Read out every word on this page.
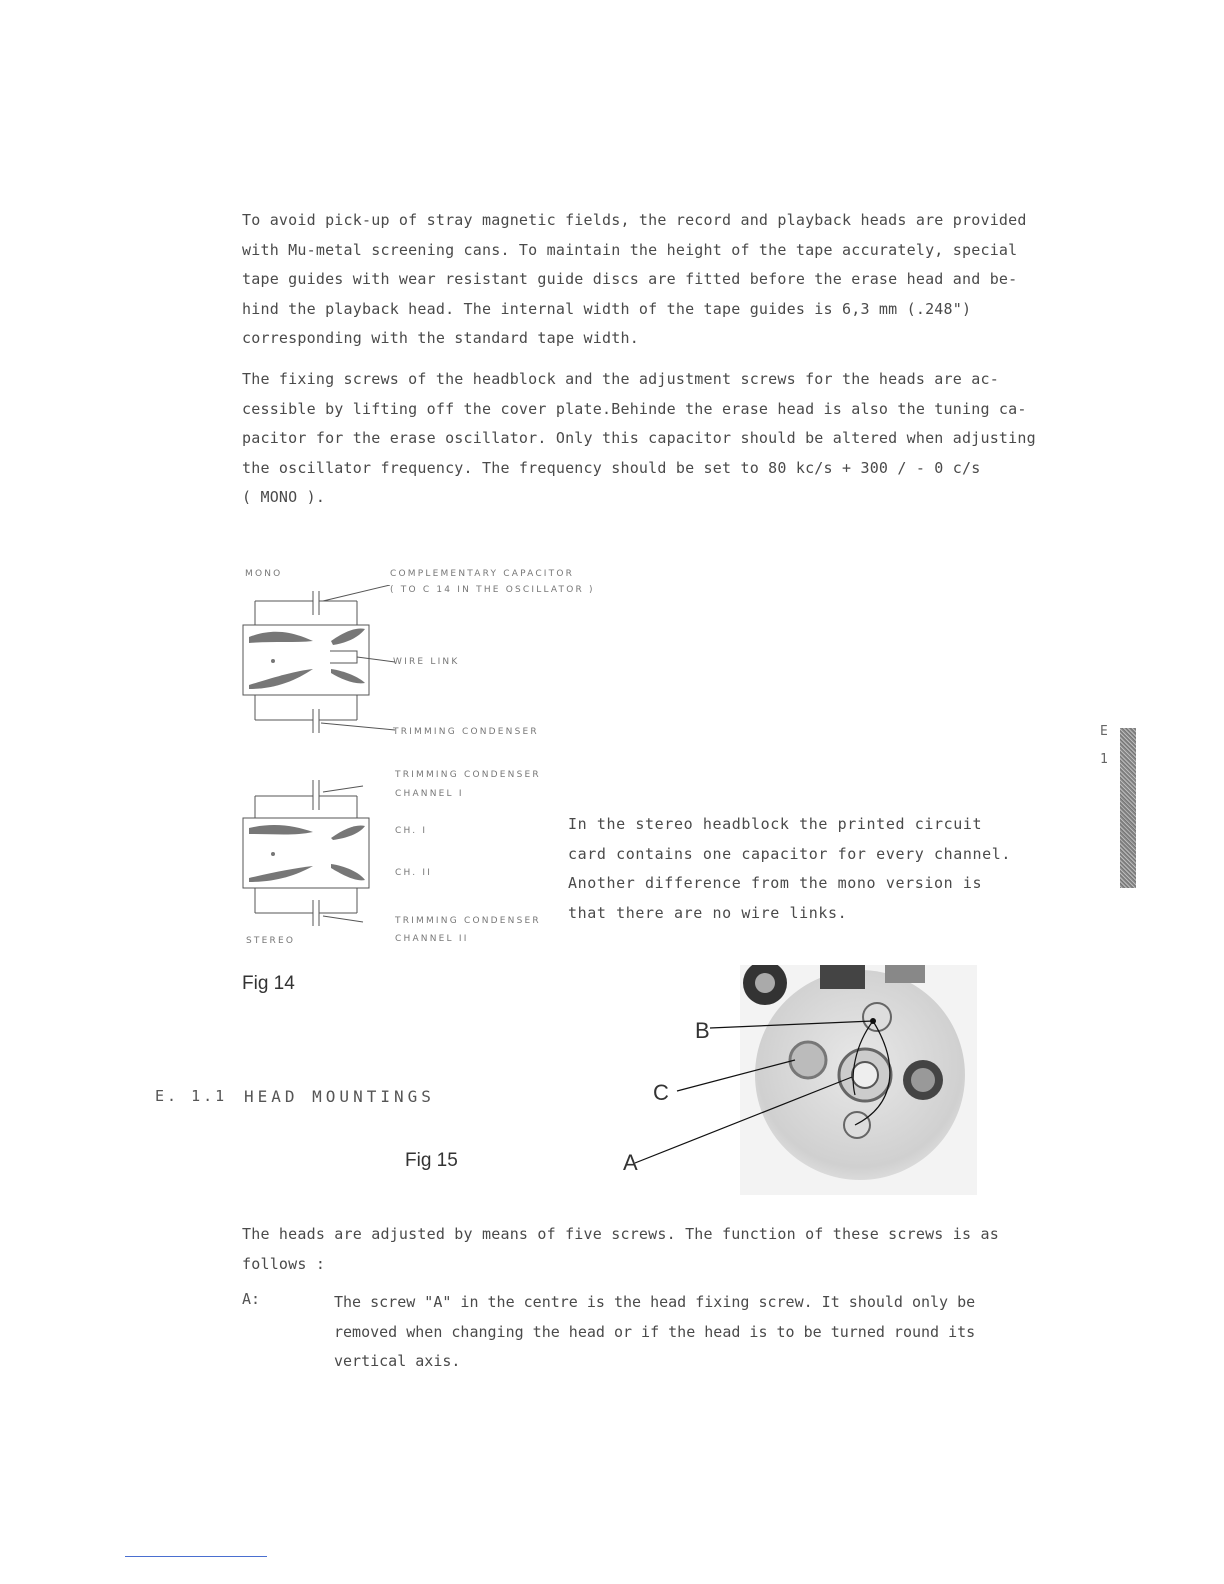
To avoid pick-up of stray magnetic fields, the record and playback heads are provided
with Mu-metal screening cans. To maintain the height of the tape accurately, special
tape guides with wear resistant guide discs are fitted before the erase head and be-
hind the playback head. The internal width of the tape guides is 6,3 mm (.248")
corresponding with the standard tape width.
The fixing screws of the headblock and the adjustment screws for the heads are ac-
cessible by lifting off the cover plate.Behinde the erase head is also the tuning ca-
pacitor for the erase oscillator. Only this capacitor should be altered when adjusting
the oscillator frequency. The frequency should be set to 80 kc/s + 300 / - 0 c/s
( MONO ).
MONO	COMPLEMENTARY CAPACITOR
( TO C 14 IN THE OSCILLATOR )
WIRE LINK
TRIMMING CONDENSER
TRIMMING CONDENSER
CHANNEL I
CH. I
CH. II
TRIMMING CONDENSER
CHANNEL II
STEREO
Fig 14
In the stereo headblock the printed circuit
card contains one capacitor for every channel.
Another difference from the mono version is
that there are no wire links.
E
1
E. 1.1 HEAD MOUNTINGS
Fig 15
B
C
A
The heads are adjusted by means of five screws. The function of these screws is as
follows :
A:	The screw "A" in the centre is the head fixing screw. It should only be
removed when changing the head or if the head is to be turned round its
vertical axis.
